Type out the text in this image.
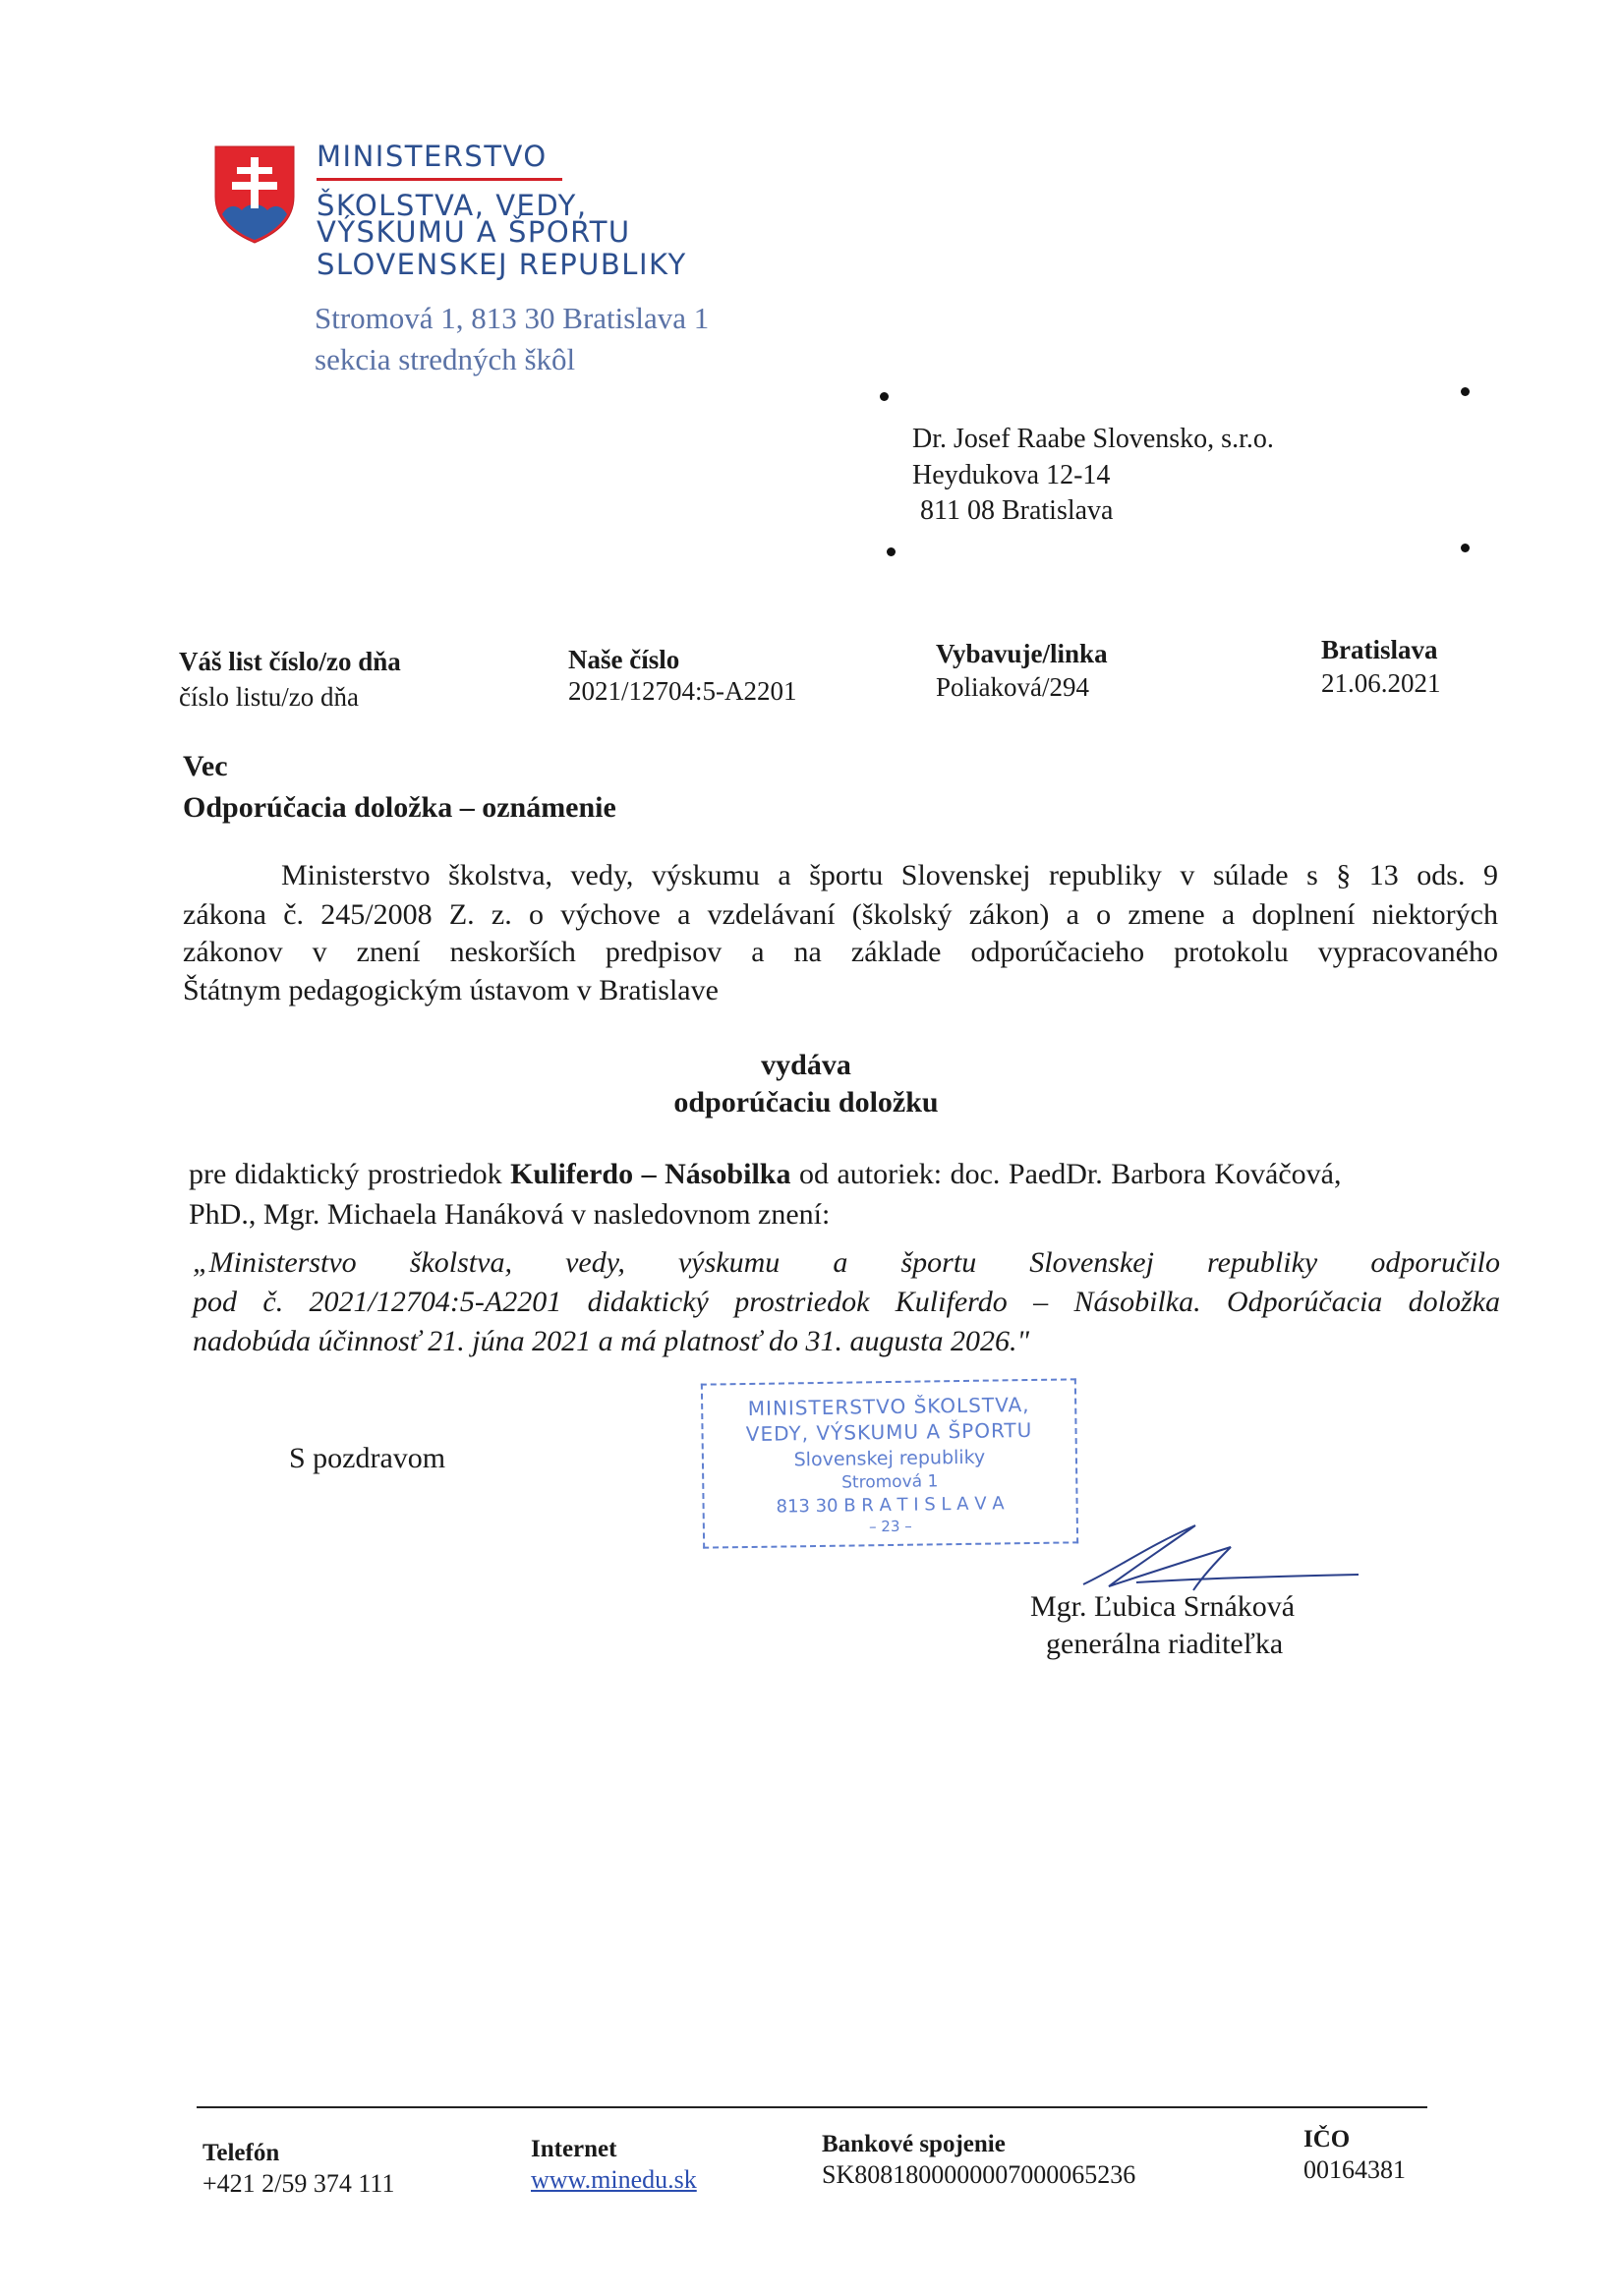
MINISTERSTVO
ŠKOLSTVA, VEDY,
VÝSKUMU A ŠPORTU
SLOVENSKEJ REPUBLIKY
Stromová 1, 813 30 Bratislava 1
sekcia stredných škôl
Dr. Josef Raabe Slovensko, s.r.o.
Heydukova 12-14
811 08 Bratislava
Váš list číslo/zo dňa
číslo listu/zo dňa
Naše číslo
2021/12704:5-A2201
Vybavuje/linka
Poliaková/294
Bratislava
21.06.2021
Vec
Odporúčacia doložka – oznámenie
Ministerstvo školstva, vedy, výskumu a športu Slovenskej republiky v súlade s § 13 ods. 9
zákona č. 245/2008 Z. z. o výchove a vzdelávaní (školský zákon) a o zmene a doplnení niektorých
zákonov v znení neskorších predpisov a na základe odporúčacieho protokolu vypracovaného
Štátnym pedagogickým ústavom v Bratislave
vydáva
odporúčaciu doložku
pre didaktický prostriedok Kuliferdo – Násobilka od autoriek: doc. PaedDr. Barbora Kováčová,
PhD., Mgr. Michaela Hanáková v nasledovnom znení:
„Ministerstvo školstva, vedy, výskumu a športu Slovenskej republiky odporučilo
pod č. 2021/12704:5-A2201 didaktický prostriedok Kuliferdo – Násobilka. Odporúčacia doložka
nadobúda účinnosť 21. júna 2021 a má platnosť do 31. augusta 2026."
S pozdravom
MINISTERSTVO ŠKOLSTVA,
VEDY, VÝSKUMU A ŠPORTU
Slovenskej republiky
Stromová 1
813 30 B R A T I S L A V A
– 23 –
Mgr. Ľubica Srnáková
generálna riaditeľka
Telefón
+421 2/59 374 111
Internet
www.minedu.sk
Bankové spojenie
SK8081800000007000065236
IČO
00164381
